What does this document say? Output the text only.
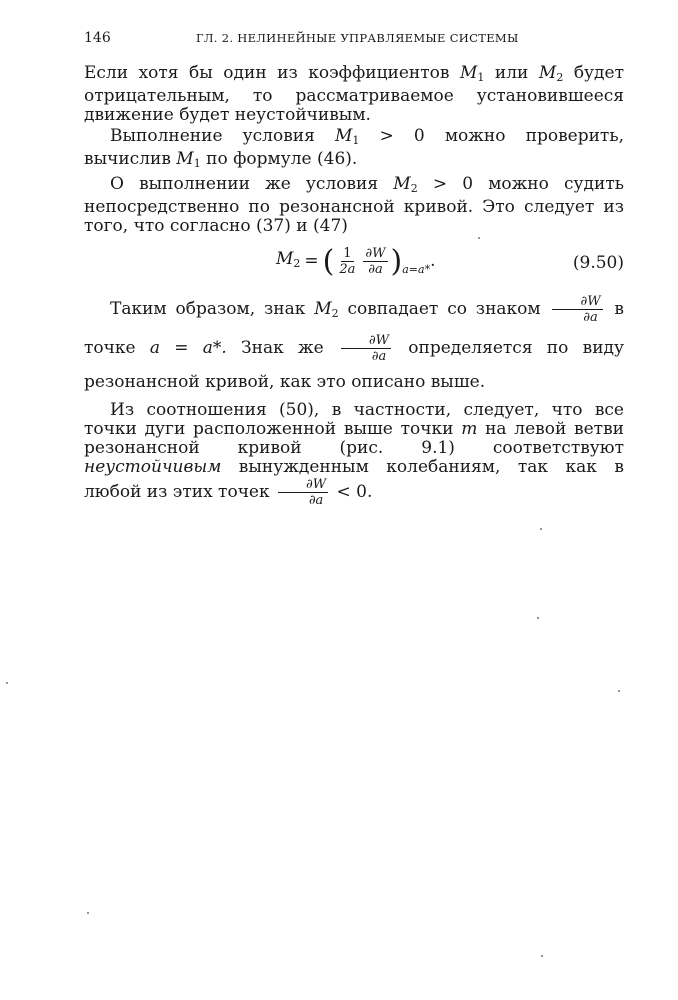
146	ГЛ. 2. НЕЛИНЕЙНЫЕ УПРАВЛЯЕМЫЕ СИСТЕМЫ

Если хотя бы один из коэффициентов $M_1$ или $M_2$ будет отрицательным, то рассматриваемое установившееся движение будет неустойчивым.

Выполнение условия $M_1 > 0$ можно проверить, вычислив $M_1$ по формуле (46).

О выполнении же условия $M_2 > 0$ можно судить непосредственно по резонансной кривой. Это следует из того, что согласно (37) и (47)

$M_2$ = ( $\frac{1}{2a} \frac{\partial W}{\partial a}$ ) a=a* .	(9.50)

Таким образом, знак $M_2$ совпадает со знаком $\frac{\partial W}{\partial a}$ в точке a = a*. Знак же $\frac{\partial W}{\partial a}$ определяется по виду резонансной кривой, как это описано выше.

Из соотношения (50), в частности, следует, что все точки дуги расположенной выше точки m на левой ветви резонансной кривой (рис. 9.1) соответствуют неустойчивым вынужденным колебаниям, так как в любой из этих точек $\frac{\partial W}{\partial a} < 0$.
